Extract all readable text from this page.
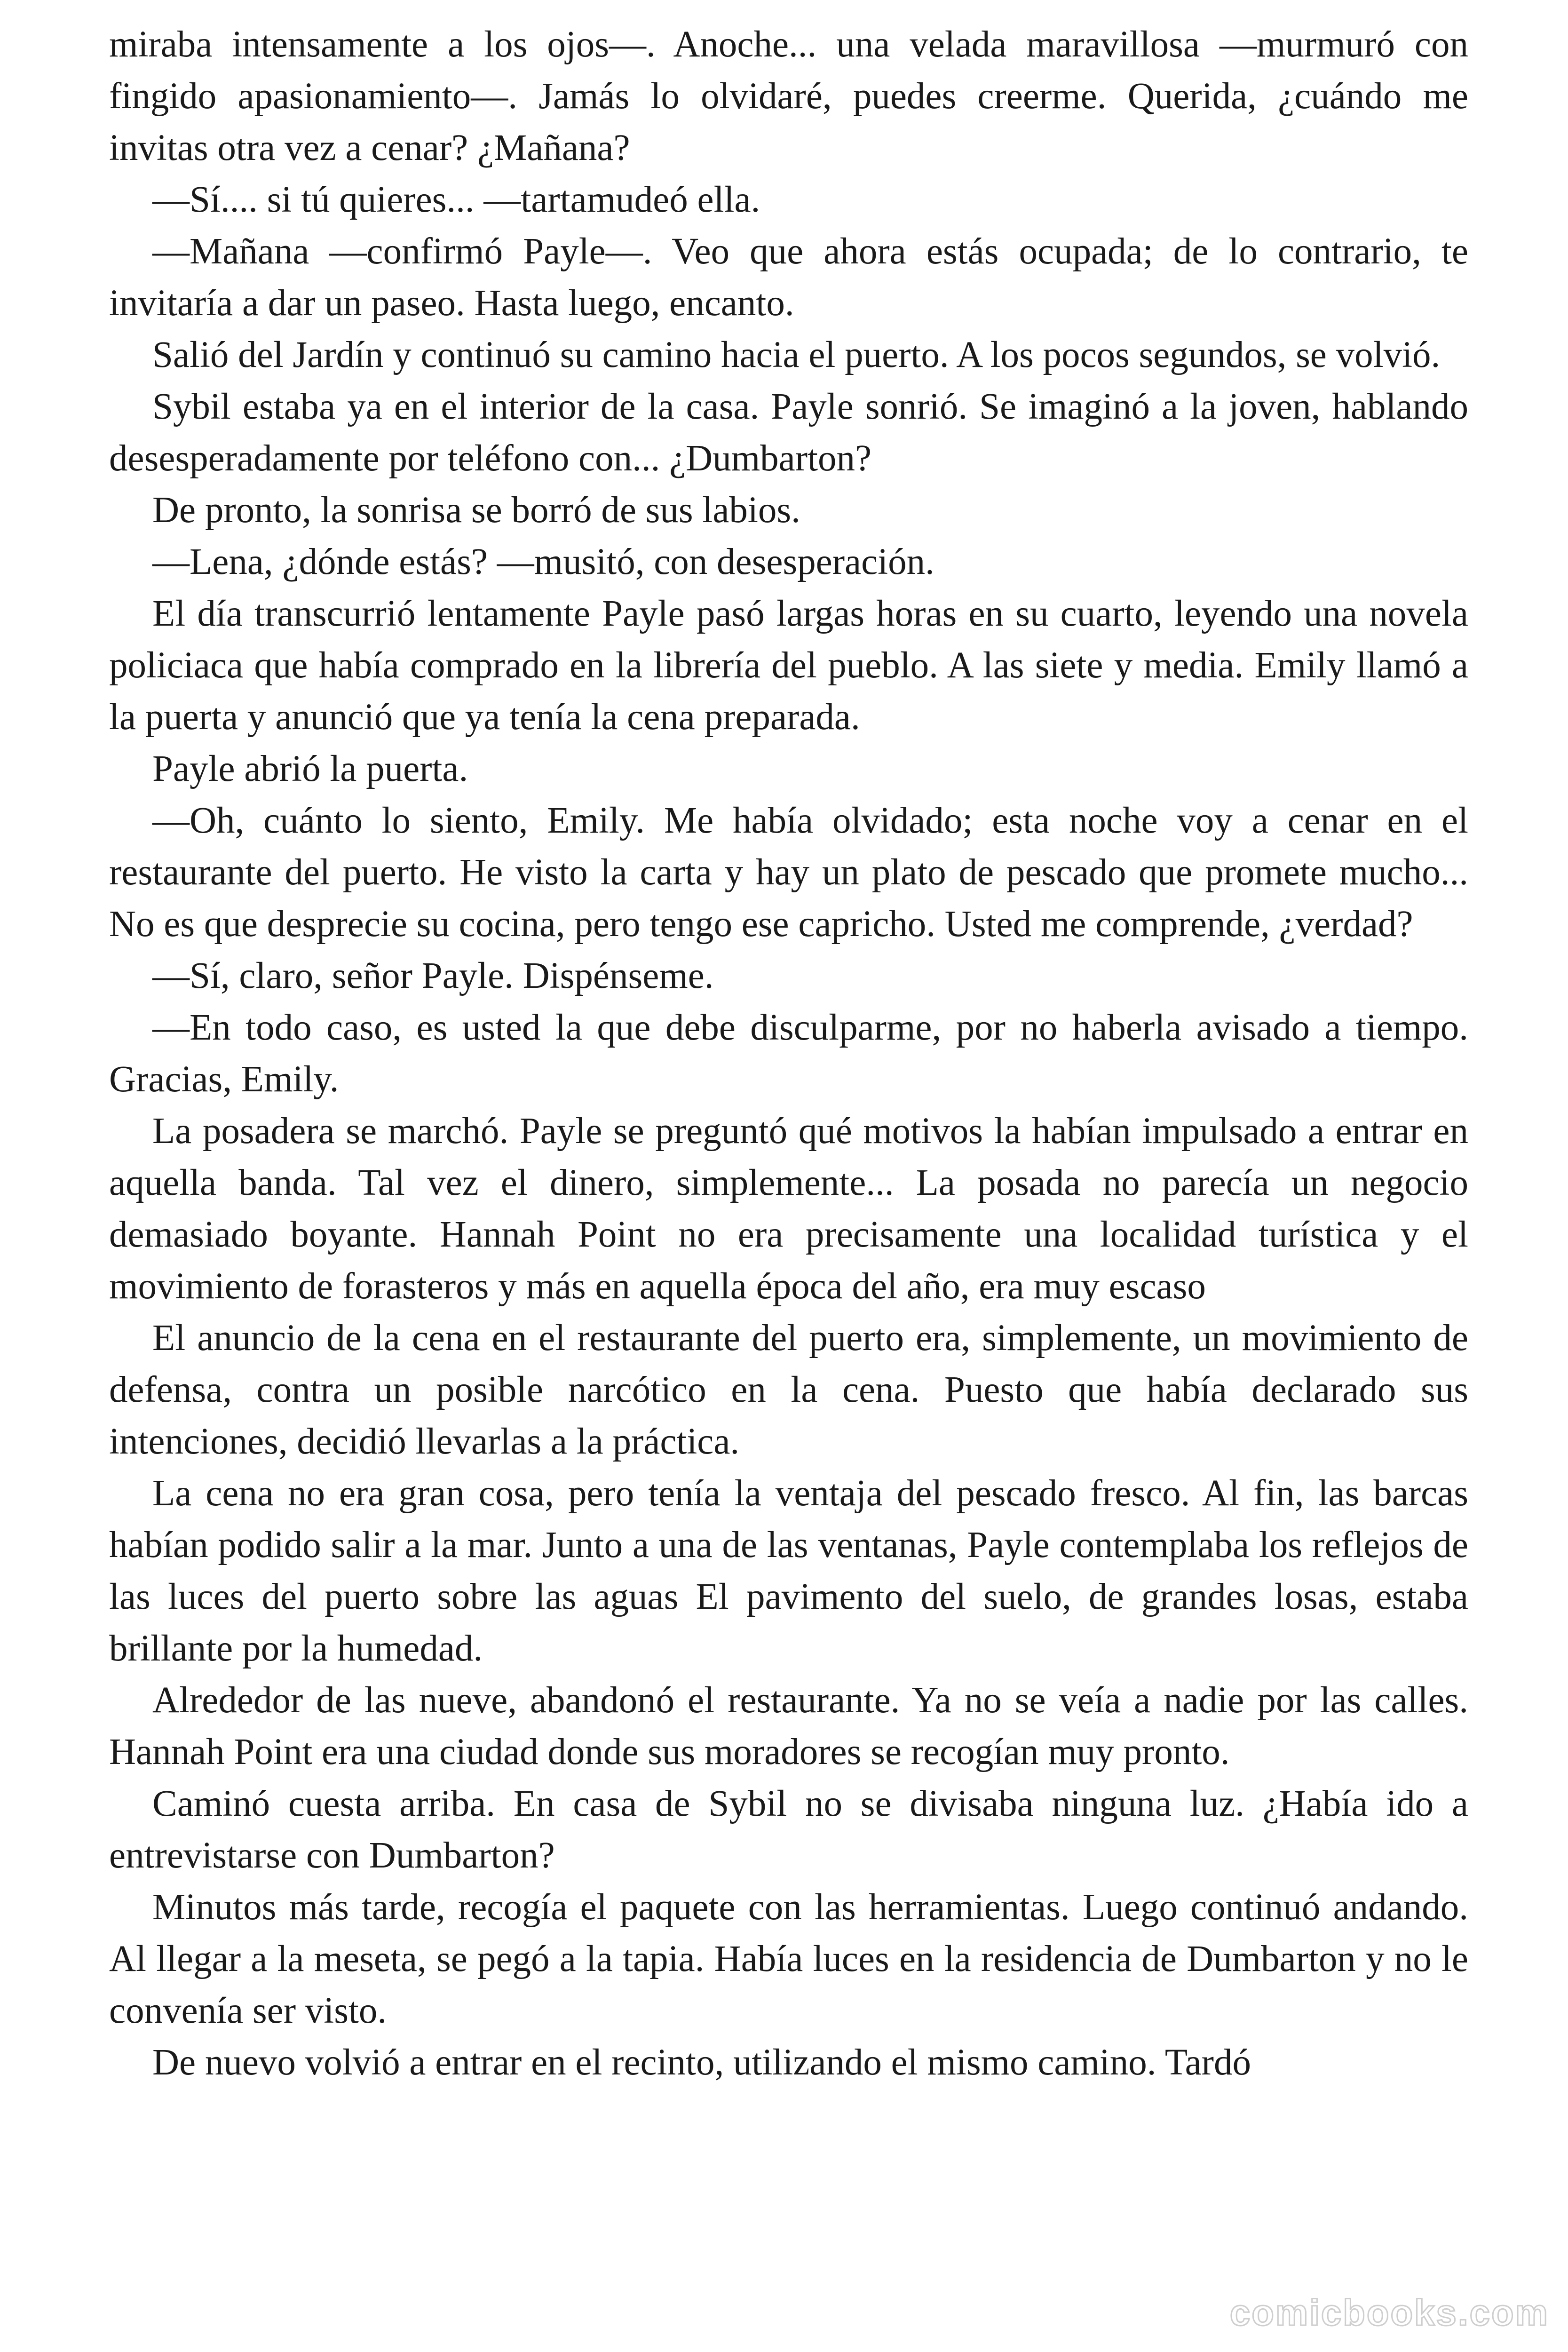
miraba intensamente a los ojos—. Anoche... una velada maravillosa —murmuró con fingido apasionamiento—. Jamás lo olvidaré, puedes creerme. Querida, ¿cuándo me invitas otra vez a cenar? ¿Mañana?

—Sí.... si tú quieres... —tartamudeó ella.

—Mañana —confirmó Payle—. Veo que ahora estás ocupada; de lo contrario, te invitaría a dar un paseo. Hasta luego, encanto.

Salió del Jardín y continuó su camino hacia el puerto. A los pocos segundos, se volvió.

Sybil estaba ya en el interior de la casa. Payle sonrió. Se imaginó a la joven, hablando desesperadamente por teléfono con... ¿Dumbarton?

De pronto, la sonrisa se borró de sus labios.

—Lena, ¿dónde estás? —musitó, con desesperación.

El día transcurrió lentamente Payle pasó largas horas en su cuarto, leyendo una novela policiaca que había comprado en la librería del pueblo. A las siete y media. Emily llamó a la puerta y anunció que ya tenía la cena preparada.

Payle abrió la puerta.

—Oh, cuánto lo siento, Emily. Me había olvidado; esta noche voy a cenar en el restaurante del puerto. He visto la carta y hay un plato de pescado que promete mucho... No es que desprecie su cocina, pero tengo ese capricho. Usted me comprende, ¿verdad?

—Sí, claro, señor Payle. Dispénseme.

—En todo caso, es usted la que debe disculparme, por no haberla avisado a tiempo. Gracias, Emily.

La posadera se marchó. Payle se preguntó qué motivos la habían impulsado a entrar en aquella banda. Tal vez el dinero, simplemente... La posada no parecía un negocio demasiado boyante. Hannah Point no era precisamente una localidad turística y el movimiento de forasteros y más en aquella época del año, era muy escaso

El anuncio de la cena en el restaurante del puerto era, simplemente, un movimiento de defensa, contra un posible narcótico en la cena. Puesto que había declarado sus intenciones, decidió llevarlas a la práctica.

La cena no era gran cosa, pero tenía la ventaja del pescado fresco. Al fin, las barcas habían podido salir a la mar. Junto a una de las ventanas, Payle contemplaba los reflejos de las luces del puerto sobre las aguas El pavimento del suelo, de grandes losas, estaba brillante por la humedad.

Alrededor de las nueve, abandonó el restaurante. Ya no se veía a nadie por las calles. Hannah Point era una ciudad donde sus moradores se recogían muy pronto.

Caminó cuesta arriba. En casa de Sybil no se divisaba ninguna luz. ¿Había ido a entrevistarse con Dumbarton?

Minutos más tarde, recogía el paquete con las herramientas. Luego continuó andando. Al llegar a la meseta, se pegó a la tapia. Había luces en la residencia de Dumbarton y no le convenía ser visto.

De nuevo volvió a entrar en el recinto, utilizando el mismo camino. Tardó

comicbooks.com
